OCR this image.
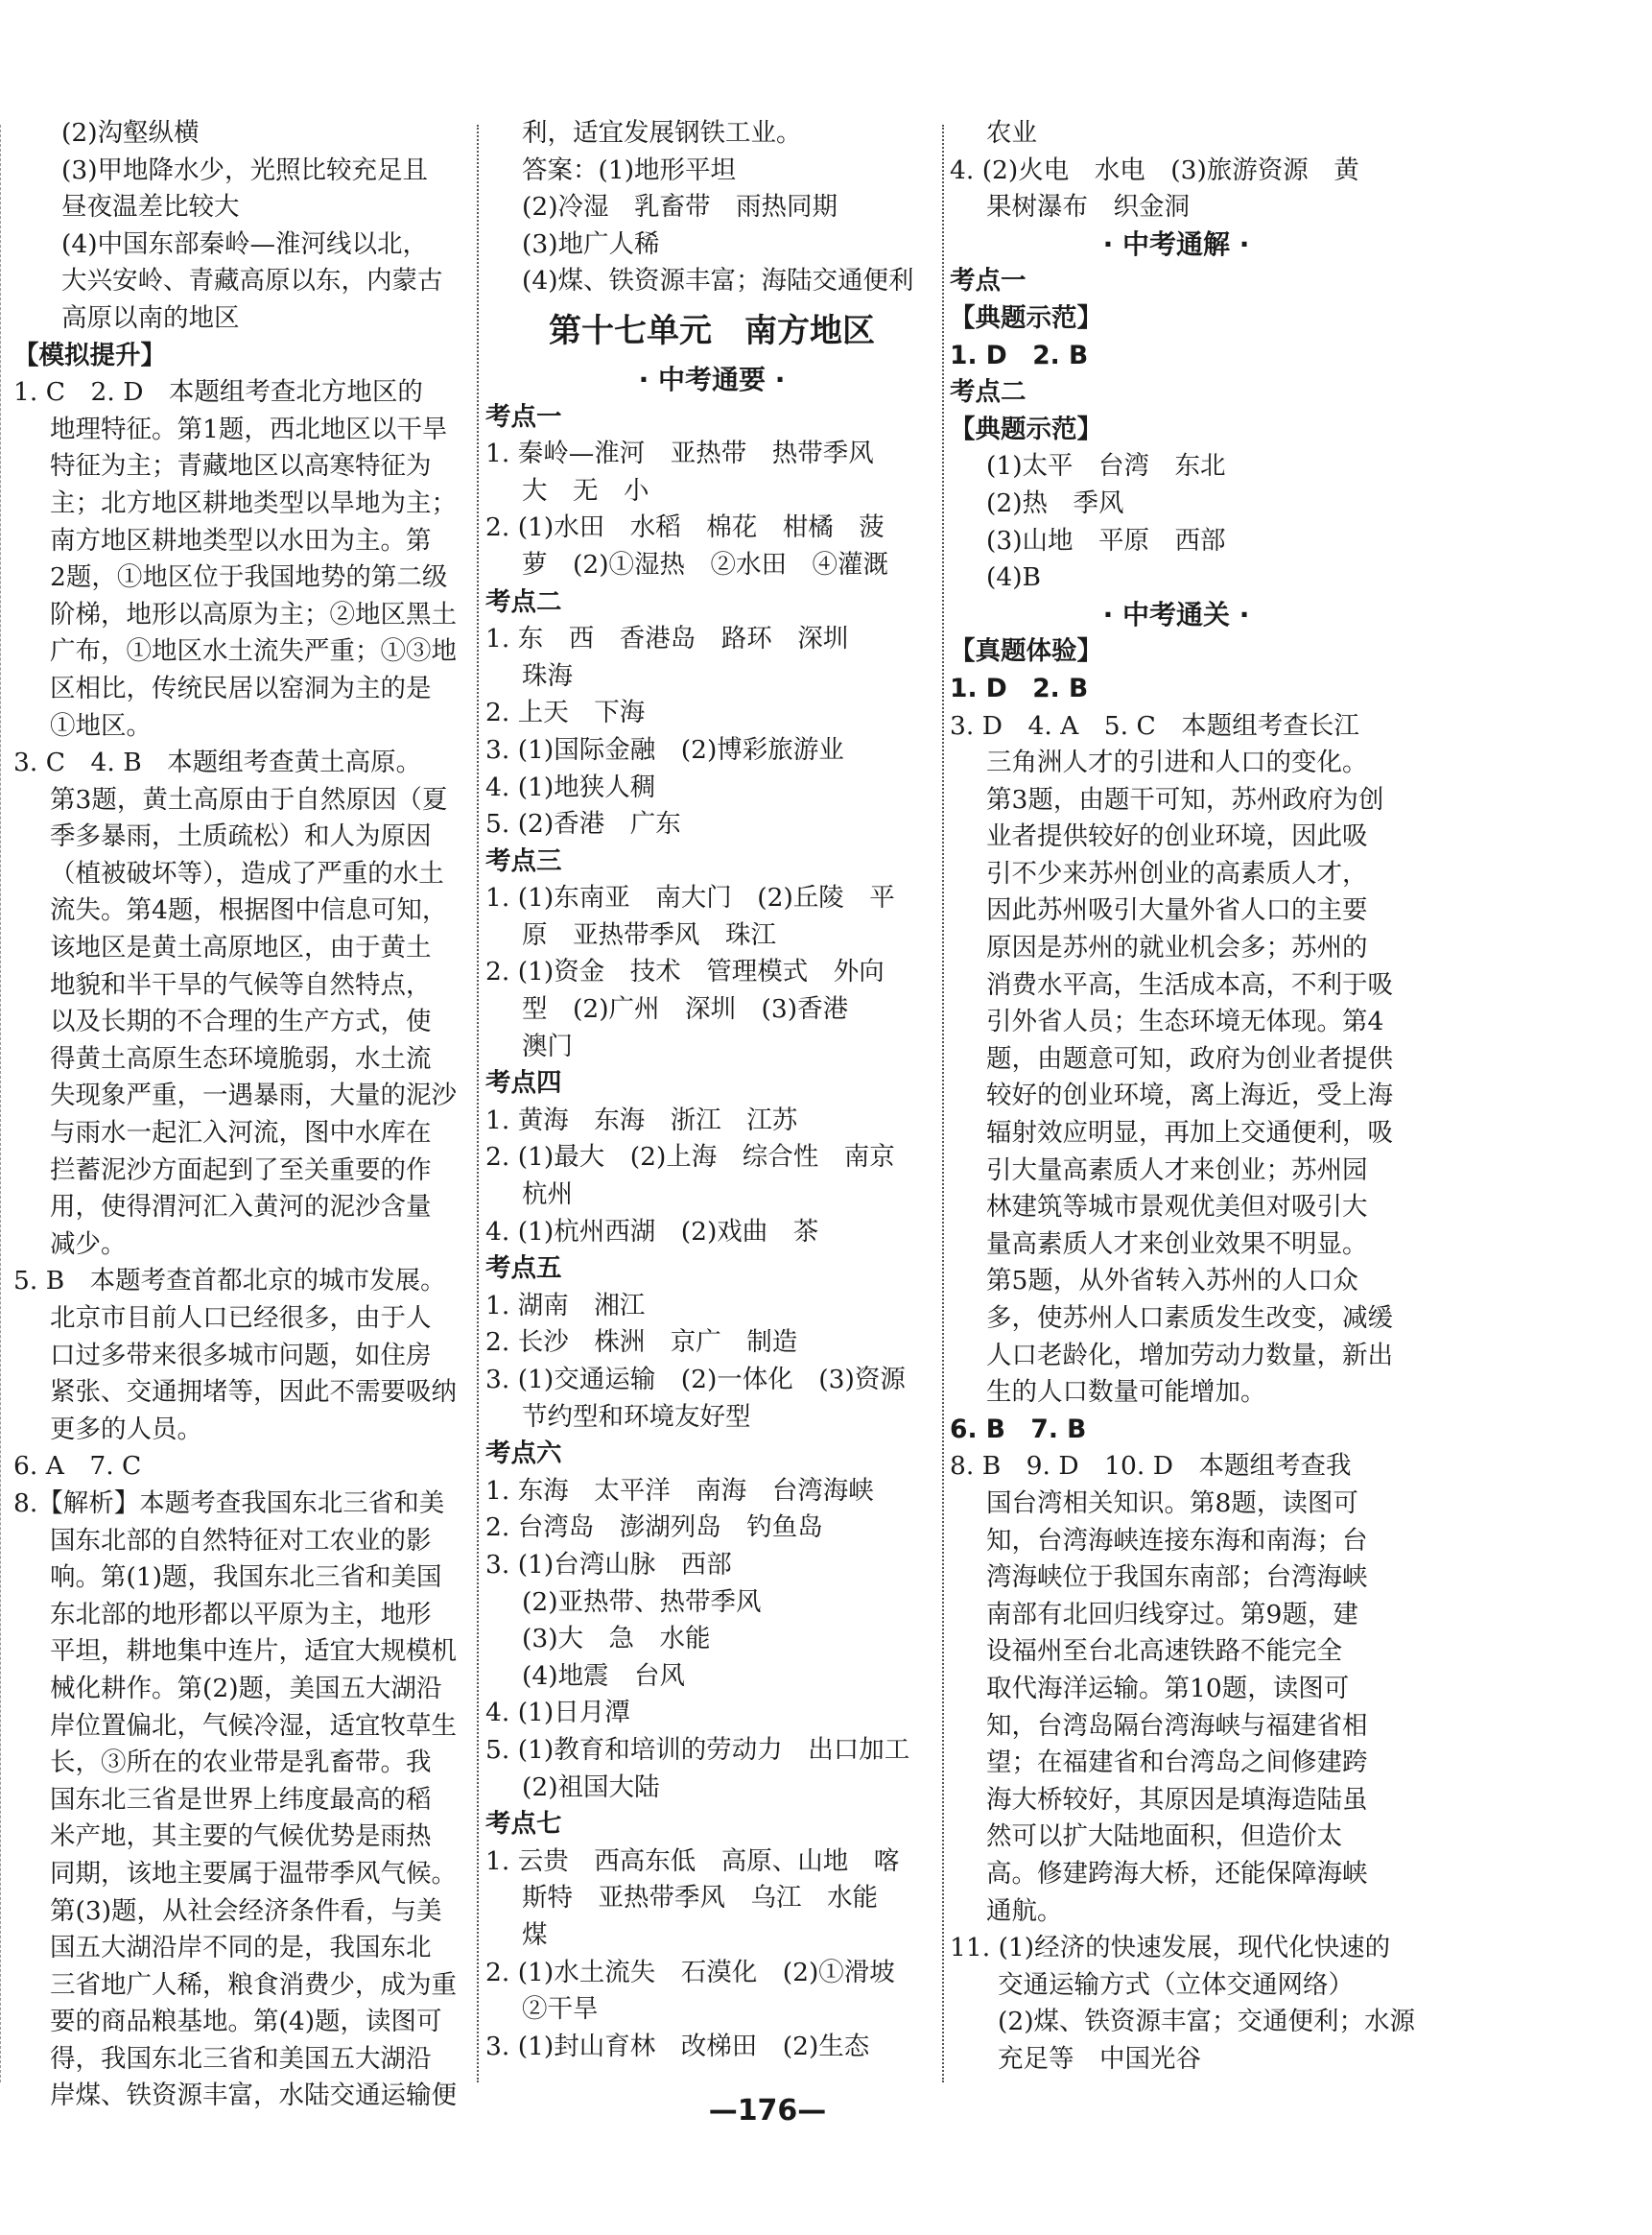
(2)沟壑纵横
(3)甲地降水少，光照比较充足且
昼夜温差比较大
(4)中国东部秦岭—淮河线以北，
大兴安岭、青藏高原以东，内蒙古
高原以南的地区
【模拟提升】
1. C　2. D　本题组考查北方地区的
地理特征。第1题，西北地区以干旱
特征为主；青藏地区以高寒特征为
主；北方地区耕地类型以旱地为主；
南方地区耕地类型以水田为主。第
2题，①地区位于我国地势的第二级
阶梯，地形以高原为主；②地区黑土
广布，①地区水土流失严重；①③地
区相比，传统民居以窑洞为主的是
①地区。
3. C　4. B　本题组考查黄土高原。
第3题，黄土高原由于自然原因（夏
季多暴雨，土质疏松）和人为原因
（植被破坏等），造成了严重的水土
流失。第4题，根据图中信息可知，
该地区是黄土高原地区，由于黄土
地貌和半干旱的气候等自然特点，
以及长期的不合理的生产方式，使
得黄土高原生态环境脆弱，水土流
失现象严重，一遇暴雨，大量的泥沙
与雨水一起汇入河流，图中水库在
拦蓄泥沙方面起到了至关重要的作
用，使得渭河汇入黄河的泥沙含量
减少。
5. B　本题考查首都北京的城市发展。
北京市目前人口已经很多，由于人
口过多带来很多城市问题，如住房
紧张、交通拥堵等，因此不需要吸纳
更多的人员。
6. A　7. C
8.【解析】本题考查我国东北三省和美
国东北部的自然特征对工农业的影
响。第(1)题，我国东北三省和美国
东北部的地形都以平原为主，地形
平坦，耕地集中连片，适宜大规模机
械化耕作。第(2)题，美国五大湖沿
岸位置偏北，气候冷湿，适宜牧草生
长，③所在的农业带是乳畜带。我
国东北三省是世界上纬度最高的稻
米产地，其主要的气候优势是雨热
同期，该地主要属于温带季风气候。
第(3)题，从社会经济条件看，与美
国五大湖沿岸不同的是，我国东北
三省地广人稀，粮食消费少，成为重
要的商品粮基地。第(4)题，读图可
得，我国东北三省和美国五大湖沿
岸煤、铁资源丰富，水陆交通运输便
利，适宜发展钢铁工业。
答案：(1)地形平坦
(2)冷湿　乳畜带　雨热同期
(3)地广人稀
(4)煤、铁资源丰富；海陆交通便利
第十七单元　南方地区
· 中考通要 ·
考点一
1. 秦岭—淮河　亚热带　热带季风
大　无　小
2. (1)水田　水稻　棉花　柑橘　菠
萝　(2)①湿热　②水田　④灌溉
考点二
1. 东　西　香港岛　路环　深圳
珠海
2. 上天　下海
3. (1)国际金融　(2)博彩旅游业
4. (1)地狭人稠
5. (2)香港　广东
考点三
1. (1)东南亚　南大门　(2)丘陵　平
原　亚热带季风　珠江
2. (1)资金　技术　管理模式　外向
型　(2)广州　深圳　(3)香港
澳门
考点四
1. 黄海　东海　浙江　江苏
2. (1)最大　(2)上海　综合性　南京
杭州
4. (1)杭州西湖　(2)戏曲　茶
考点五
1. 湖南　湘江
2. 长沙　株洲　京广　制造
3. (1)交通运输　(2)一体化　(3)资源
节约型和环境友好型
考点六
1. 东海　太平洋　南海　台湾海峡
2. 台湾岛　澎湖列岛　钓鱼岛
3. (1)台湾山脉　西部
(2)亚热带、热带季风
(3)大　急　水能
(4)地震　台风
4. (1)日月潭
5. (1)教育和培训的劳动力　出口加工
(2)祖国大陆
考点七
1. 云贵　西高东低　高原、山地　喀
斯特　亚热带季风　乌江　水能
煤
2. (1)水土流失　石漠化　(2)①滑坡
②干旱
3. (1)封山育林　改梯田　(2)生态
农业
4. (2)火电　水电　(3)旅游资源　黄
果树瀑布　织金洞
· 中考通解 ·
考点一
【典题示范】
1. D　2. B
考点二
【典题示范】
(1)太平　台湾　东北
(2)热　季风
(3)山地　平原　西部
(4)B
· 中考通关 ·
【真题体验】
1. D　2. B
3. D　4. A　5. C　本题组考查长江
三角洲人才的引进和人口的变化。
第3题，由题干可知，苏州政府为创
业者提供较好的创业环境，因此吸
引不少来苏州创业的高素质人才，
因此苏州吸引大量外省人口的主要
原因是苏州的就业机会多；苏州的
消费水平高，生活成本高，不利于吸
引外省人员；生态环境无体现。第4
题，由题意可知，政府为创业者提供
较好的创业环境，离上海近，受上海
辐射效应明显，再加上交通便利，吸
引大量高素质人才来创业；苏州园
林建筑等城市景观优美但对吸引大
量高素质人才来创业效果不明显。
第5题，从外省转入苏州的人口众
多，使苏州人口素质发生改变，减缓
人口老龄化，增加劳动力数量，新出
生的人口数量可能增加。
6. B　7. B
8. B　9. D　10. D　本题组考查我
国台湾相关知识。第8题，读图可
知，台湾海峡连接东海和南海；台
湾海峡位于我国东南部；台湾海峡
南部有北回归线穿过。第9题，建
设福州至台北高速铁路不能完全
取代海洋运输。第10题，读图可
知，台湾岛隔台湾海峡与福建省相
望；在福建省和台湾岛之间修建跨
海大桥较好，其原因是填海造陆虽
然可以扩大陆地面积，但造价太
高。修建跨海大桥，还能保障海峡
通航。
11. (1)经济的快速发展，现代化快速的
交通运输方式（立体交通网络）
(2)煤、铁资源丰富；交通便利；水源
充足等　中国光谷
—176—
